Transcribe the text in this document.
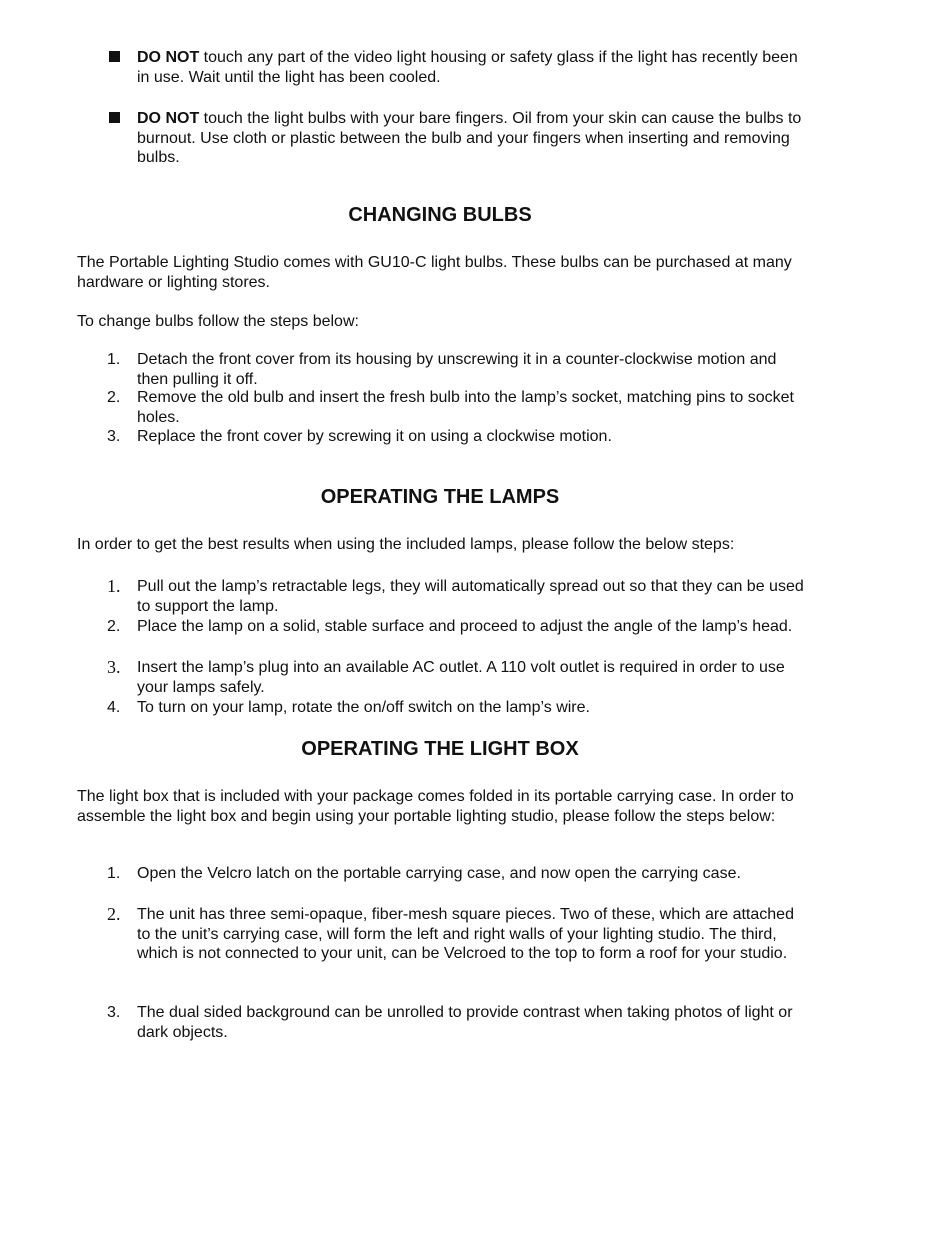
DO NOT touch any part of the video light housing or safety glass if the light has recently been in use. Wait until the light has been cooled.
DO NOT touch the light bulbs with your bare fingers. Oil from your skin can cause the bulbs to burnout. Use cloth or plastic between the bulb and your fingers when inserting and removing bulbs.
CHANGING BULBS

The Portable Lighting Studio comes with GU10-C light bulbs. These bulbs can be purchased at many hardware or lighting stores.

To change bulbs follow the steps below:

1.	Detach the front cover from its housing by unscrewing it in a counter-clockwise motion and then pulling it off.
2.	Remove the old bulb and insert the fresh bulb into the lamp’s socket, matching pins to socket holes.
3.	Replace the front cover by screwing it on using a clockwise motion.
OPERATING THE LAMPS

In order to get the best results when using the included lamps, please follow the below steps:

1.	Pull out the lamp’s retractable legs, they will automatically spread out so that they can be used to support the lamp.
2.	Place the lamp on a solid, stable surface and proceed to adjust the angle of the lamp’s head.
3.	Insert the lamp’s plug into an available AC outlet. A 110 volt outlet is required in order to use your lamps safely.
4.	To turn on your lamp, rotate the on/off switch on the lamp’s wire.
OPERATING THE LIGHT BOX

The light box that is included with your package comes folded in its portable carrying case. In order to assemble the light box and begin using your portable lighting studio, please follow the steps below:

1.	Open the Velcro latch on the portable carrying case, and now open the carrying case.
2.	The unit has three semi-opaque, fiber-mesh square pieces. Two of these, which are attached to the unit’s carrying case, will form the left and right walls of your lighting studio. The third, which is not connected to your unit, can be Velcroed to the top to form a roof for your studio.
3.	The dual sided background can be unrolled to provide contrast when taking photos of light or dark objects.
